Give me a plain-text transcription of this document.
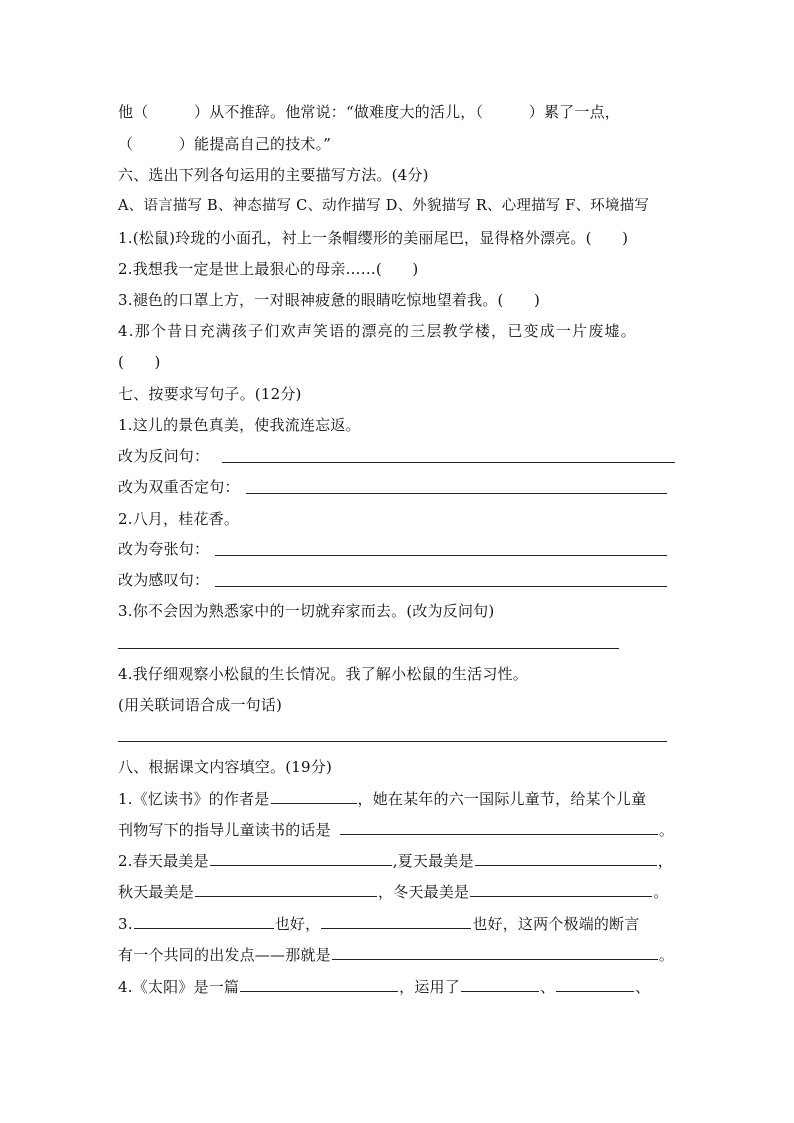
他（　　　）从不推辞。他常说：“做难度大的活儿，（　　　）累了一点，
（　　　）能提高自己的技术。”
六、选出下列各句运用的主要描写方法。(4分)
A、语言描写 B、神态描写 C、动作描写 D、外貌描写 R、心理描写 F、环境描写
1.(松鼠)玲珑的小面孔，衬上一条帽缨形的美丽尾巴，显得格外漂亮。(　　)
2.我想我一定是世上最狠心的母亲……(　　)
3.褪色的口罩上方，一对眼神疲惫的眼睛吃惊地望着我。(　　)
4.那个昔日充满孩子们欢声笑语的漂亮的三层教学楼，已变成一片废墟。
(　　)
七、按要求写句子。(12分)
1.这儿的景色真美，使我流连忘返。
改为反问句：
改为双重否定句：
2.八月，桂花香。
改为夸张句：
改为感叹句：
3.你不会因为熟悉家中的一切就弃家而去。(改为反问句)
4.我仔细观察小松鼠的生长情况。我了解小松鼠的生活习性。
(用关联词语合成一句话)
八、根据课文内容填空。(19分)
1.《忆读书》的作者是	，她在某年的六一国际儿童节，给某个儿童
刊物写下的指导儿童读书的话是	。
2.春天最美是	,夏天最美是	，
秋天最美是	，冬天最美是	。
3.	也好，	也好，这两个极端的断言
有一个共同的出发点——那就是	。
4.《太阳》是一篇	，运用了	、	、
